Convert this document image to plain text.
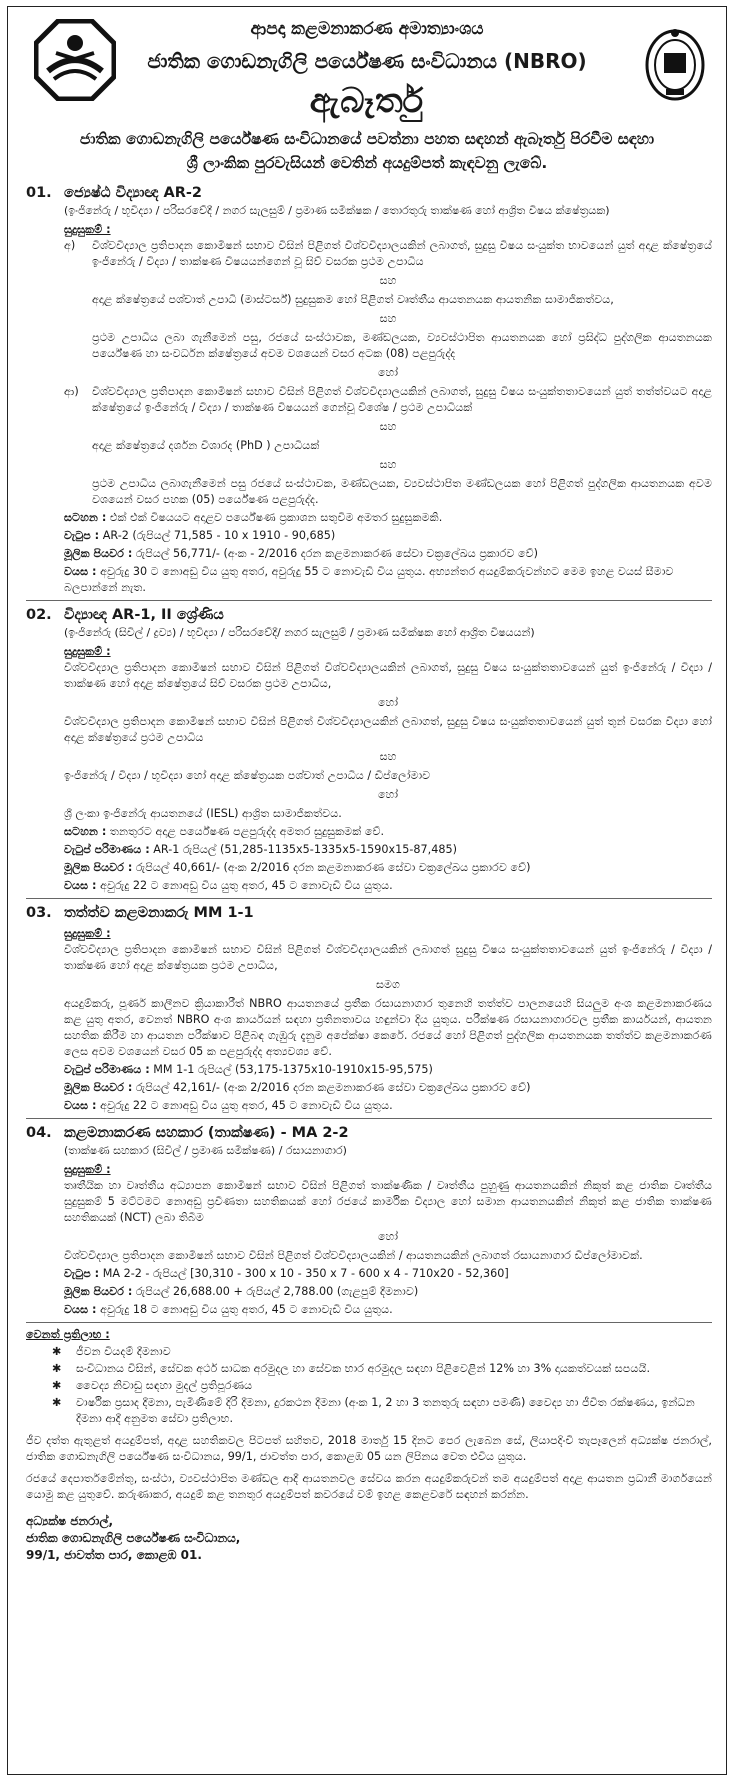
ආපදා කළමනාකරණ අමාත්‍යාංශය
ජාතික ගොඩනැගිලි පර්යේෂණ සංවිධානය (NBRO)
ඇබෑර්තු
ජාතික ගොඩනැගිලි පර්යේෂණ සංවිධානයේ පවත්නා පහත සඳහන් ඇබෑර්තු පිරවීම සඳහා
ශ්‍රී ලාංකික පුරවැසියන් වෙතින් අයදුම්පත් කැඳවනු ලැබේ.
01. ජ්‍යෙෂ්ඨ විද්‍යාඥ AR-2
(ඉංජිනේරු / භූවිද්‍යා / පරිසරවේදී / නගර සැලසුම් / ප්‍රමාණ සමීක්ෂක / තොරතුරු තාක්ෂණ හෝ ආශ්‍රිත විෂය ක්ෂේත්‍රයක)
සුදුසුකම් :
අ)	විශ්වවිද්‍යාල ප්‍රතිපාදන කොමිෂන් සභාව විසින් පිළිගත් විශ්වවිද්‍යාලයකින් ලබාගත්, සුදුසු විෂය සංයුක්ත භාවයෙන් යුත් අදාළ ක්ෂේත්‍රයේ ඉංජිනේරු / විද්‍යා / තාක්ෂණ විෂයයන්ගෙන් වූ සිව් වසරක ප්‍රථම උපාධිය
සහ
අදාළ ක්ෂේත්‍රයේ පශ්චාත් උපාධි (මාස්ටර්ස්) සුදුසුකම හෝ පිළිගත් වෘත්තීය ආයතනයක ආයතනික සාමාජිකත්වය,
සහ
ප්‍රථම උපාධිය ලබා ගැනීමෙන් පසු, රජයේ සංස්ථාවක, මණ්ඩලයක, ව්‍යවස්ථාපිත ආයතනයක හෝ ප්‍රසිද්ධ පුද්ගලික ආයතනයක පර්යේෂණ හා සංවර්ධන ක්ෂේත්‍රයේ අවම වශයෙන් වසර අටක (08) පළපුරුද්ද
හෝ
ආ)	විශ්වවිද්‍යාල ප්‍රතිපාදන කොමිෂන් සභාව විසින් පිළිගත් විශ්වවිද්‍යාලයකින් ලබාගත්, සුදුසු විෂය සංයුක්තතාවයෙන් යුත් තත්ත්වයට අදාළ ක්ෂේත්‍රයේ ඉංජිනේරු / විද්‍යා / තාක්ෂණ විෂයයන් ගෙන්වූ විශේෂ / ප්‍රථම උපාධියක්
සහ
අදාළ ක්ෂේත්‍රයේ දර්ශන විශාරද (PhD ) උපාධියක්
සහ
ප්‍රථම උපාධිය ලබාගැනීමෙන් පසු රජයේ සංස්ථාවක, මණ්ඩලයක, ව්‍යවස්ථාපිත මණ්ඩලයක හෝ පිළිගත් පුද්ගලික ආයතනයක අවම වශයෙන් වසර පහක (05) පර්යේෂණ පළපුරුද්ද.
සටහන : එක් එක් විෂයයට අදාළව පර්යේෂණ ප්‍රකාශන සතුවීම අමතර සුදුසුකමකි.
වැටුප : AR-2 (රුපියල් 71,585 - 10 x 1910 - 90,685)
මූලික පියවර : රුපියල් 56,771/- (අංක - 2/2016 දරන කළමනාකරණ සේවා චක්‍රලේඛය ප්‍රකාරව වේ)
වයස : අවුරුදු 30 ට නොඅඩු විය යුතු අතර, අවුරුදු 55 ට නොවැඩි විය යුතුය. අභ්‍යන්තර අයදුම්කරුවන්හට මෙම ඉහළ වයස් සීමාව බලපාන්නේ නැත.
02. විද්‍යාඥ AR-1, II ශ්‍රේණිය
(ඉංජිනේරු (සිවිල් / ද්‍රව්‍ය) / භූවිද්‍යා / පරිසරවේදී/ නගර සැලසුම් / ප්‍රමාණ සමීක්ෂක හෝ ආශ්‍රිත විෂයයන්)
සුදුසුකම් :
විශ්වවිද්‍යාල ප්‍රතිපාදන කොමිෂන් සභාව විසින් පිළිගත් විශ්වවිද්‍යාලයකින් ලබාගත්, සුදුසු විෂය සංයුක්තතාවයෙන් යුත් ඉංජිනේරු / විද්‍යා / තාක්ෂණ හෝ අදාළ ක්ෂේත්‍රයේ සිව් වසරක ප්‍රථම උපාධිය,
හෝ
විශ්වවිද්‍යාල ප්‍රතිපාදන කොමිෂන් සභාව විසින් පිළිගත් විශ්වවිද්‍යාලයකින් ලබාගත්, සුදුසු විෂය සංයුක්තතාවයෙන් යුත් තුන් වසරක විද්‍යා හෝ අදාළ ක්ෂේත්‍රයේ ප්‍රථම උපාධිය
සහ
ඉංජිනේරු / විද්‍යා / භූවිද්‍යා හෝ අදාළ ක්ෂේත්‍රයක පශ්චාත් උපාධිය / ඩිප්ලෝමාව
හෝ
ශ්‍රී ලංකා ඉංජිනේරු ආයතනයේ (IESL) ආශ්‍රිත සාමාජිකත්වය.
සටහන : තනතුරට අදාළ පර්යේෂණ පළපුරුද්ද අමතර සුදුසුකමක් වේ.
වැටුප් පරිමාණය : AR-1 රුපියල් (51,285-1135x5-1335x5-1590x15-87,485)
මූලික පියවර : රුපියල් 40,661/- (අංක 2/2016 දරන කළමනාකරණ සේවා චක්‍රලේඛය ප්‍රකාරව වේ)
වයස : අවුරුදු 22 ට නොඅඩු විය යුතු අතර, 45 ට නොවැඩි විය යුතුය.
03. තත්ත්ව කළමනාකරු MM 1-1
සුදුසුකම් :
විශ්වවිද්‍යාල ප්‍රතිපාදන කොමිෂන් සභාව විසින් පිළිගත් විශ්වවිද්‍යාලයකින් ලබාගත් සුදුසු විෂය සංයුක්තතාවයෙන් යුත් ඉංජිනේරු / විද්‍යා / තාක්ෂණ හෝ අදාළ ක්ෂේත්‍රයක ප්‍රථම උපාධිය,
සමග
අයදුම්කරු, පූර්ණ කාලීනව ක්‍රියාකාරීත් NBRO ආයතනයේ ප්‍රතීක රසායනාගාර තුනෙහි තත්ත්ව පාලනයෙහි සියලුම අංශ කළමනාකරණය කළ යුතු අතර, වෙනත් NBRO අංශ කාර්යයන් සඳහා ප්‍රතිනතාවය හඳුන්වා දිය යුතුය. පරීක්ෂණ රසායනාගාරවල ප්‍රතීක කාර්යයන්, ආයතන සහතික කිරීම හා ආයතන පරීක්ෂාව පිළිබඳ ගැඹුරු දැනුම අපේක්ෂා කෙරේ. රජයේ හෝ පිළිගත් පුද්ගලික ආයතනයක තත්ත්ව කළමනාකරණ ලෙස අවම වශයෙන් වසර 05 ක පළපුරුද්ද අත්‍යවශ්‍ය වේ.
වැටුප් පරිමාණය : MM 1-1 රුපියල් (53,175-1375x10-1910x15-95,575)
මූලික පියවර : රුපියල් 42,161/- (අංක 2/2016 දරන කළමනාකරණ සේවා චක්‍රලේඛය ප්‍රකාරව වේ)
වයස : අවුරුදු 22 ට නොඅඩු විය යුතු අතර, 45 ට නොවැඩි විය යුතුය.
04. කළමනාකරණ සහකාර (තාක්ෂණ) - MA 2-2
(තාක්ෂණ සහකාර (සිවිල් / ප්‍රමාණ සමීක්ෂණ) / රසායනාගාර)
සුදුසුකම් :
තෘතීයික හා වෘත්තීය අධ්‍යාපන කොමිෂන් සභාව විසින් පිළිගත් තාක්ෂණික / වෘත්තීය පුහුණු ආයතනයකින් නිකුත් කළ ජාතික වෘත්තීය සුදුසුකම් 5 මට්ටමට නොඅඩු ප්‍රවීණතා සහතිකයක් හෝ රජයේ කාර්මික විද්‍යාල හෝ සමාන ආයතනයකින් නිකුත් කළ ජාතික තාක්ෂණ සහතිකයක් (NCT) ලබා තිබීම
හෝ
විශ්වවිද්‍යාල ප්‍රතිපාදන කොමිෂන් සභාව විසින් පිළිගත් විශ්වවිද්‍යාලයකින් / ආයතනයකින් ලබාගත් රසායනාගාර ඩිප්ලෝමාවක්.
වැටුප : MA 2-2 - රුපියල් [30,310 - 300 x 10 - 350 x 7 - 600 x 4 - 710x20 - 52,360]
මූලික පියවර : රුපියල් 26,688.00 + රුපියල් 2,788.00 (ගැළපුම් දීමනාව)
වයස : අවුරුදු 18 ට නොඅඩු විය යුතු අතර, 45 ට නොවැඩි විය යුතුය.
වෙනත් ප්‍රතිලාභ :
✱	ජීවන වියදම් දීමනාව
✱	සංවිධානය විසින්, සේවක අර්ථ සාධක අරමුදල හා සේවක භාර අරමුදල සඳහා පිළිවෙළින් 12% හා 3% දායකත්වයක් සපයයි.
✱	වෛද්‍ය නිවාඩු සඳහා මුදල් ප්‍රතිපූරණය
✱	වාර්ෂික ප්‍රසාද දීමනා, පැමිණීමේ දිරි දීමනා, දුරකථන දීමනා (අංක 1, 2 හා 3 තනතුරු සඳහා පමණි) වෛද්‍ය හා ජීවිත රක්ෂණය, ඉන්ධන දීමනා ආදී අනුමත සේවා ප්‍රතිලාභ.
ජීව දත්ත ඇතුළත් අයදුම්පත්, අදාළ සහතිකවල පිටපත් සහිතව, 2018 මාර්තු 15 දිනට පෙර ලැබෙන සේ, ලියාපදිංචි තැපෑලෙන් අධ්‍යක්ෂ ජනරාල්, ජාතික ගොඩනැගිලි පර්යේෂණ සංවිධානය, 99/1, ජාවත්ත පාර, කොළඹ 05 යන ලිපිනය වෙත එවිය යුතුය.
රජයේ දෙපාර්තමේන්තු, සංස්ථා, ව්‍යවස්ථාපිත මණ්ඩල ආදී ආයතනවල සේවය කරන අයදුම්කරුවන් තම අයදුම්පත් අදාළ ආයතන ප්‍රධානී මාර්ගයෙන් යොමු කළ යුතුවේ. කරුණාකර, අයදුම් කළ තනතුර අයදුම්පත් කවරයේ වම් ඉහළ කෙළවරේ සඳහන් කරන්න.
අධ්‍යක්ෂ ජනරාල්,
ජාතික ගොඩනැගිලි පර්යේෂණ සංවිධානය,
99/1, ජාවත්ත පාර, කොළඹ 01.
